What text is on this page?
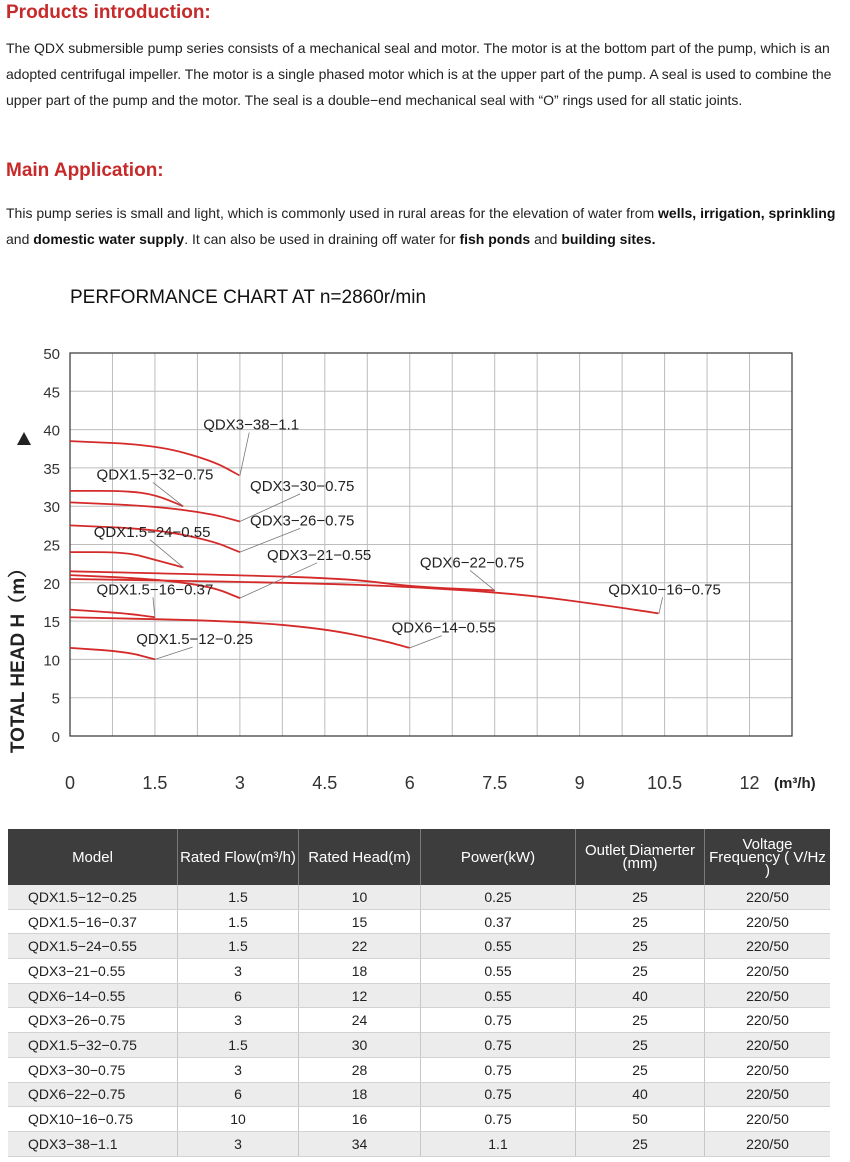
Products introduction:

The QDX submersible pump series consists of a mechanical seal and motor. The motor is at the bottom part of the pump, which is an adopted centrifugal impeller. The motor is a single phased motor which is at the upper part of the pump. A seal is used to combine the upper part of the pump and the motor. The seal is a double−end mechanical seal with “O” rings used for all static joints.

Main Application:

This pump series is small and light, which is commonly used in rural areas for the elevation of water from wells, irrigation, sprinkling and domestic water supply. It can also be used in draining off water for fish ponds and building sites.

PERFORMANCE CHART AT n=2860r/min
QDX3−38−1.1
QDX1.5−32−0.75
QDX3−30−0.75
QDX3−26−0.75
QDX1.5−24−0.55
QDX3−21−0.55	QDX6−22−0.75
QDX10−16−0.75
QDX1.5−16−0.37
QDX6−14−0.55
QDX1.5−12−0.25
0
5
10
15
20
25
30
35
40
45
50
0	1.5	3	4.5	6	7.5	9	10.5	12
TOTAL HEAD H（m）
(m³/h)
Model	Rated Flow(m³/h)	Rated Head(m)	Power(kW)	Outlet Diamerter (mm)	Voltage Frequency ( V/Hz )
QDX1.5−12−0.25	1.5	10	0.25	25	220/50
QDX1.5−16−0.37	1.5	15	0.37	25	220/50
QDX1.5−24−0.55	1.5	22	0.55	25	220/50
QDX3−21−0.55	3	18	0.55	25	220/50
QDX6−14−0.55	6	12	0.55	40	220/50
QDX3−26−0.75	3	24	0.75	25	220/50
QDX1.5−32−0.75	1.5	30	0.75	25	220/50
QDX3−30−0.75	3	28	0.75	25	220/50
QDX6−22−0.75	6	18	0.75	40	220/50
QDX10−16−0.75	10	16	0.75	50	220/50
QDX3−38−1.1	3	34	1.1	25	220/50
